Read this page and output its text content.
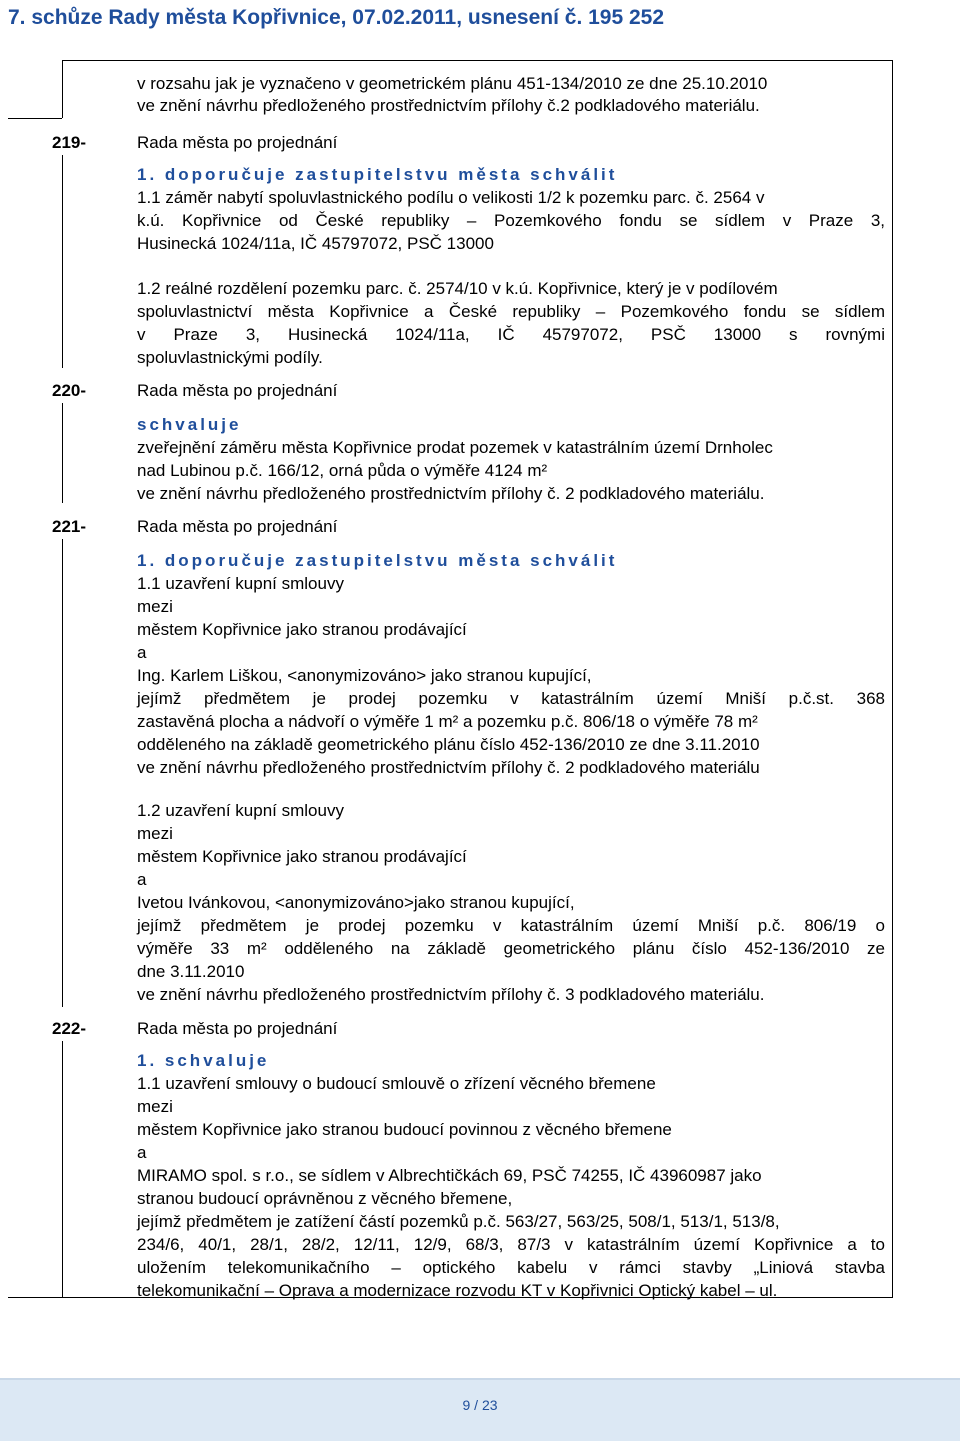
7. schůze Rady města Kopřivnice, 07.02.2011, usnesení č. 195 252
v rozsahu jak je vyznačeno v geometrickém plánu 451-134/2010 ze dne 25.10.2010
ve znění návrhu předloženého prostřednictvím přílohy č.2 podkladového materiálu.
219-	Rada města po projednání
1. doporučuje zastupitelstvu města schválit
1.1 záměr nabytí spoluvlastnického podílu o velikosti 1/2 k pozemku parc. č. 2564 v
k.ú. Kopřivnice od České republiky – Pozemkového fondu se sídlem v Praze 3,
Husinecká 1024/11a, IČ 45797072, PSČ 13000
1.2 reálné rozdělení pozemku parc. č. 2574/10 v k.ú. Kopřivnice, který je v podílovém
spoluvlastnictví města Kopřivnice a České republiky – Pozemkového fondu se sídlem
v Praze 3, Husinecká 1024/11a, IČ 45797072, PSČ 13000 s rovnými
spoluvlastnickými podíly.
220-	Rada města po projednání
schvaluje
zveřejnění záměru města Kopřivnice prodat pozemek v katastrálním území Drnholec
nad Lubinou p.č. 166/12, orná půda o výměře 4124 m²
ve znění návrhu předloženého prostřednictvím přílohy č. 2 podkladového materiálu.
221-	Rada města po projednání
1. doporučuje zastupitelstvu města schválit
1.1 uzavření kupní smlouvy
mezi
městem Kopřivnice jako stranou prodávající
a
Ing. Karlem Liškou, <anonymizováno> jako stranou kupující,
jejímž předmětem je prodej pozemku v katastrálním území Mniší p.č.st. 368
zastavěná plocha a nádvoří o výměře 1 m² a pozemku p.č. 806/18 o výměře 78 m²
odděleného na základě geometrického plánu číslo 452-136/2010 ze dne 3.11.2010
ve znění návrhu předloženého prostřednictvím přílohy č. 2 podkladového materiálu
1.2 uzavření kupní smlouvy
mezi
městem Kopřivnice jako stranou prodávající
a
Ivetou Ivánkovou, <anonymizováno>jako stranou kupující,
jejímž předmětem je prodej pozemku v katastrálním území Mniší p.č. 806/19 o
výměře 33 m² odděleného na základě geometrického plánu číslo 452-136/2010 ze
dne 3.11.2010
ve znění návrhu předloženého prostřednictvím přílohy č. 3 podkladového materiálu.
222-	Rada města po projednání
1. schvaluje
1.1 uzavření smlouvy o budoucí smlouvě o zřízení věcného břemene
mezi
městem Kopřivnice jako stranou budoucí povinnou z věcného břemene
a
MIRAMO spol. s r.o., se sídlem v Albrechtičkách 69, PSČ 74255, IČ 43960987 jako
stranou budoucí oprávněnou z věcného břemene,
jejímž předmětem je zatížení částí pozemků p.č. 563/27, 563/25, 508/1, 513/1, 513/8,
234/6, 40/1, 28/1, 28/2, 12/11, 12/9, 68/3, 87/3 v katastrálním území Kopřivnice a to
uložením telekomunikačního – optického kabelu v rámci stavby „Liniová stavba
telekomunikační – Oprava a modernizace rozvodu KT v Kopřivnici Optický kabel – ul.
9 / 23
